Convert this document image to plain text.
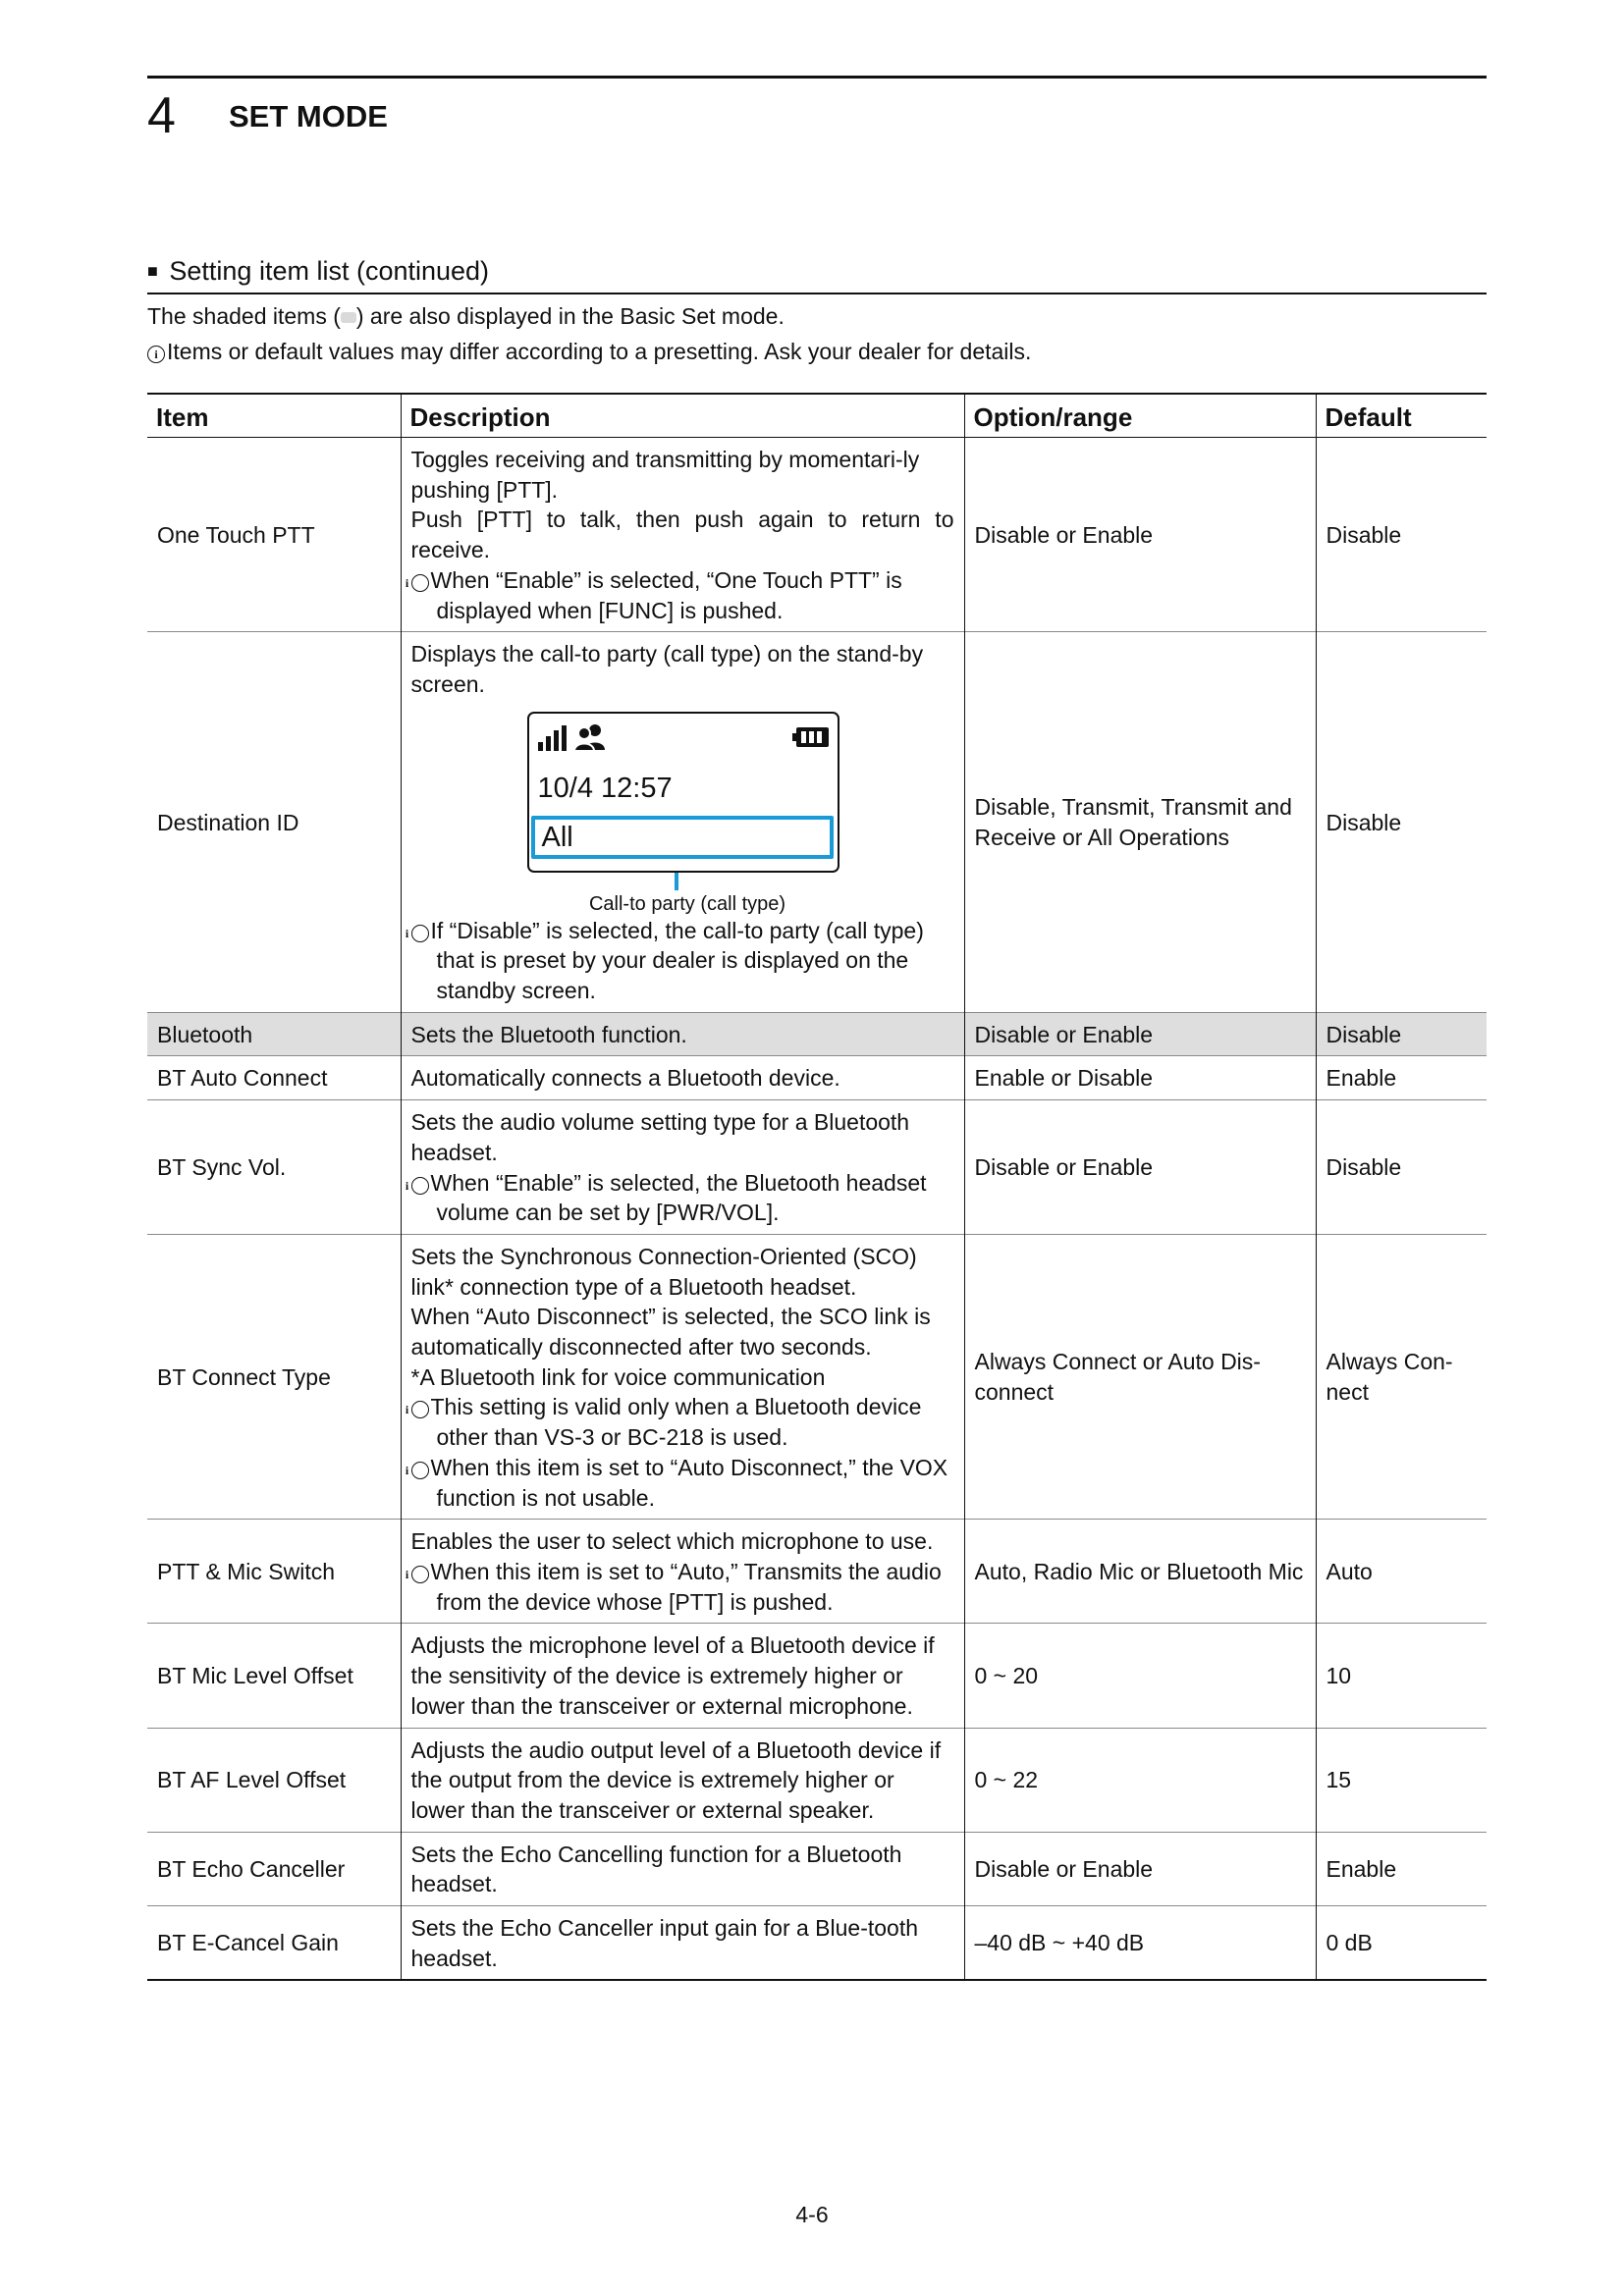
4 SET MODE
■ Setting item list (continued)
The shaded items ( ) are also displayed in the Basic Set mode.
i Items or default values may differ according to a presetting. Ask your dealer for details.
Item	Description	Option/range	Default
One Touch PTT	Toggles receiving and transmitting by momentari-ly pushing [PTT].
Push [PTT] to talk, then push again to return to receive.
i When “Enable” is selected, “One Touch PTT” is displayed when [FUNC] is pushed.	Disable or Enable	Disable
Destination ID	Displays the call-to party (call type) on the stand-by screen.
10/4 12:57
All
Call-to party (call type)
i If “Disable” is selected, the call-to party (call type) that is preset by your dealer is displayed on the standby screen.	Disable, Transmit, Transmit and Receive or All Operations	Disable
Bluetooth	Sets the Bluetooth function.	Disable or Enable	Disable
BT Auto Connect	Automatically connects a Bluetooth device.	Enable or Disable	Enable
BT Sync Vol.	Sets the audio volume setting type for a Bluetooth headset.
i When “Enable” is selected, the Bluetooth headset volume can be set by [PWR/VOL].	Disable or Enable	Disable
BT Connect Type	Sets the Synchronous Connection-Oriented (SCO) link* connection type of a Bluetooth headset.
When “Auto Disconnect” is selected, the SCO link is automatically disconnected after two seconds.
*A Bluetooth link for voice communication
i This setting is valid only when a Bluetooth device other than VS-3 or BC-218 is used.
i When this item is set to “Auto Disconnect,” the VOX function is not usable.	Always Connect or Auto Dis-connect	Always Con-nect
PTT & Mic Switch	Enables the user to select which microphone to use.
i When this item is set to “Auto,” Transmits the audio from the device whose [PTT] is pushed.	Auto, Radio Mic or Bluetooth Mic	Auto
BT Mic Level Offset	Adjusts the microphone level of a Bluetooth device if the sensitivity of the device is extremely higher or lower than the transceiver or external microphone.	0 ~ 20	10
BT AF Level Offset	Adjusts the audio output level of a Bluetooth device if the output from the device is extremely higher or lower than the transceiver or external speaker.	0 ~ 22	15
BT Echo Canceller	Sets the Echo Cancelling function for a Bluetooth headset.	Disable or Enable	Enable
BT E-Cancel Gain	Sets the Echo Canceller input gain for a Blue-tooth headset.	–40 dB ~ +40 dB	0 dB
4-6
